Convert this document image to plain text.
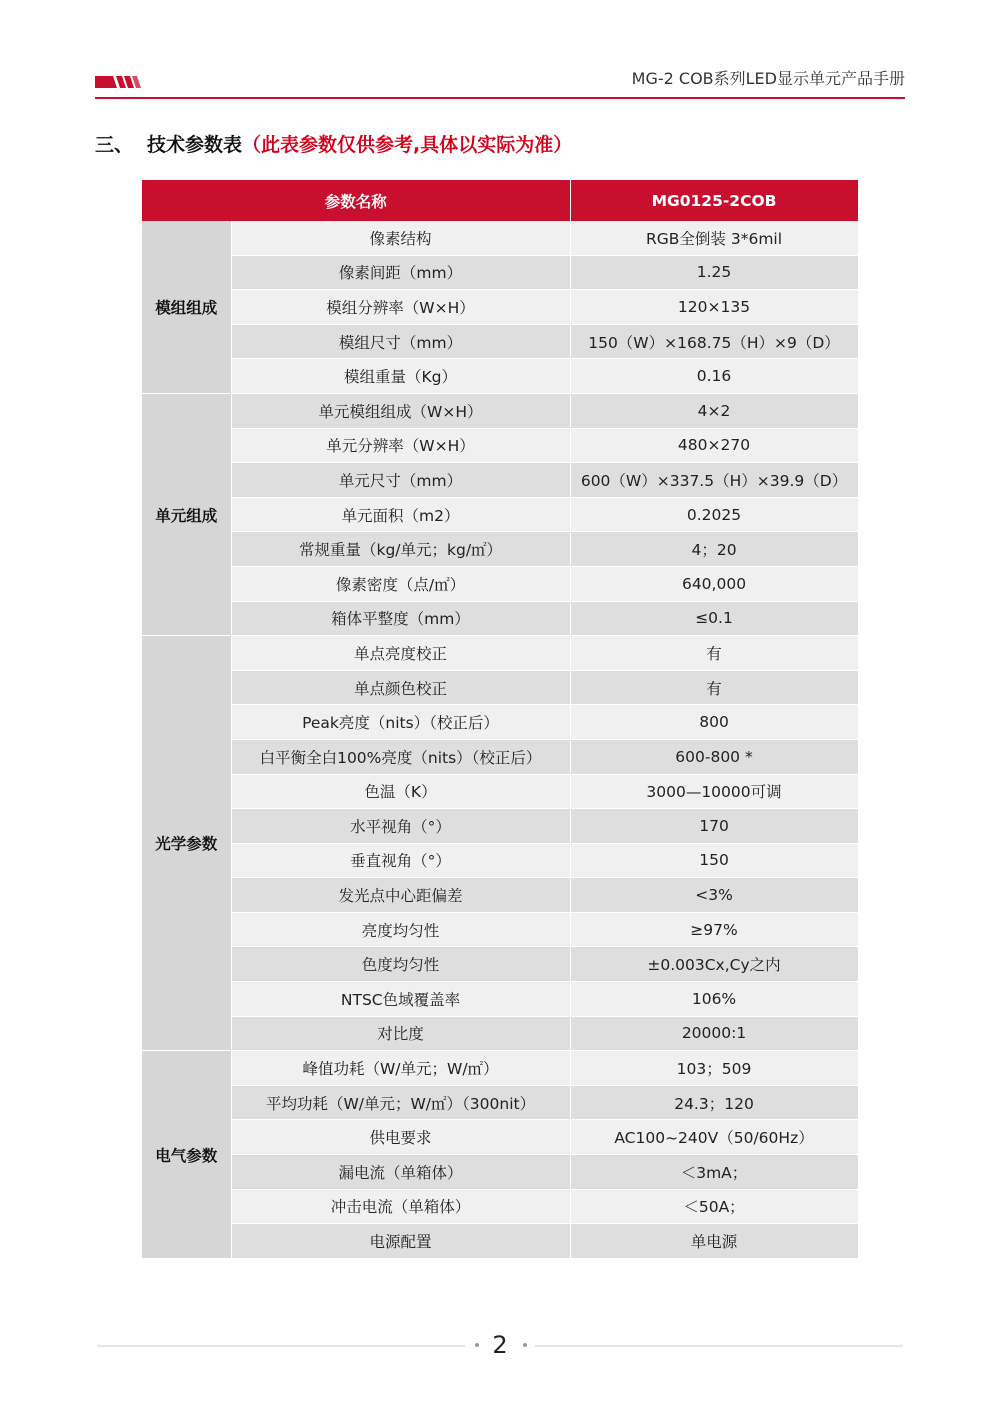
MG-2 COB系列LED显示单元产品手册
三、 技术参数表（此表参数仅供参考,具体以实际为准）
参数名称		MG0125-2COB
模组组成	像素结构	RGB全倒装 3*6mil
	像素间距（mm）	1.25
	模组分辨率（W×H）	120×135
	模组尺寸（mm）	150（W）×168.75（H）×9（D）
	模组重量（Kg）	0.16
单元组成	单元模组组成（W×H）	4×2
	单元分辨率（W×H）	480×270
	单元尺寸（mm）	600（W）×337.5（H）×39.9（D）
	单元面积（m2）	0.2025
	常规重量（kg/单元；kg/㎡）	4；20
	像素密度（点/㎡）	640,000
	箱体平整度（mm）	≤0.1
光学参数	单点亮度校正	有
	单点颜色校正	有
	Peak亮度（nits）（校正后）	800
	白平衡全白100%亮度（nits）（校正后）	600-800 *
	色温（K）	3000—10000可调
	水平视角（°）	170
	垂直视角（°）	150
	发光点中心距偏差	<3%
	亮度均匀性	≥97%
	色度均匀性	±0.003Cx,Cy之内
	NTSC色域覆盖率	106%
	对比度	20000:1
电气参数	峰值功耗（W/单元；W/㎡）	103；509
	平均功耗（W/单元；W/㎡）（300nit）	24.3；120
	供电要求	AC100~240V（50/60Hz）
	漏电流（单箱体）	＜3mA；
	冲击电流（单箱体）	＜50A；
	电源配置	单电源
2
